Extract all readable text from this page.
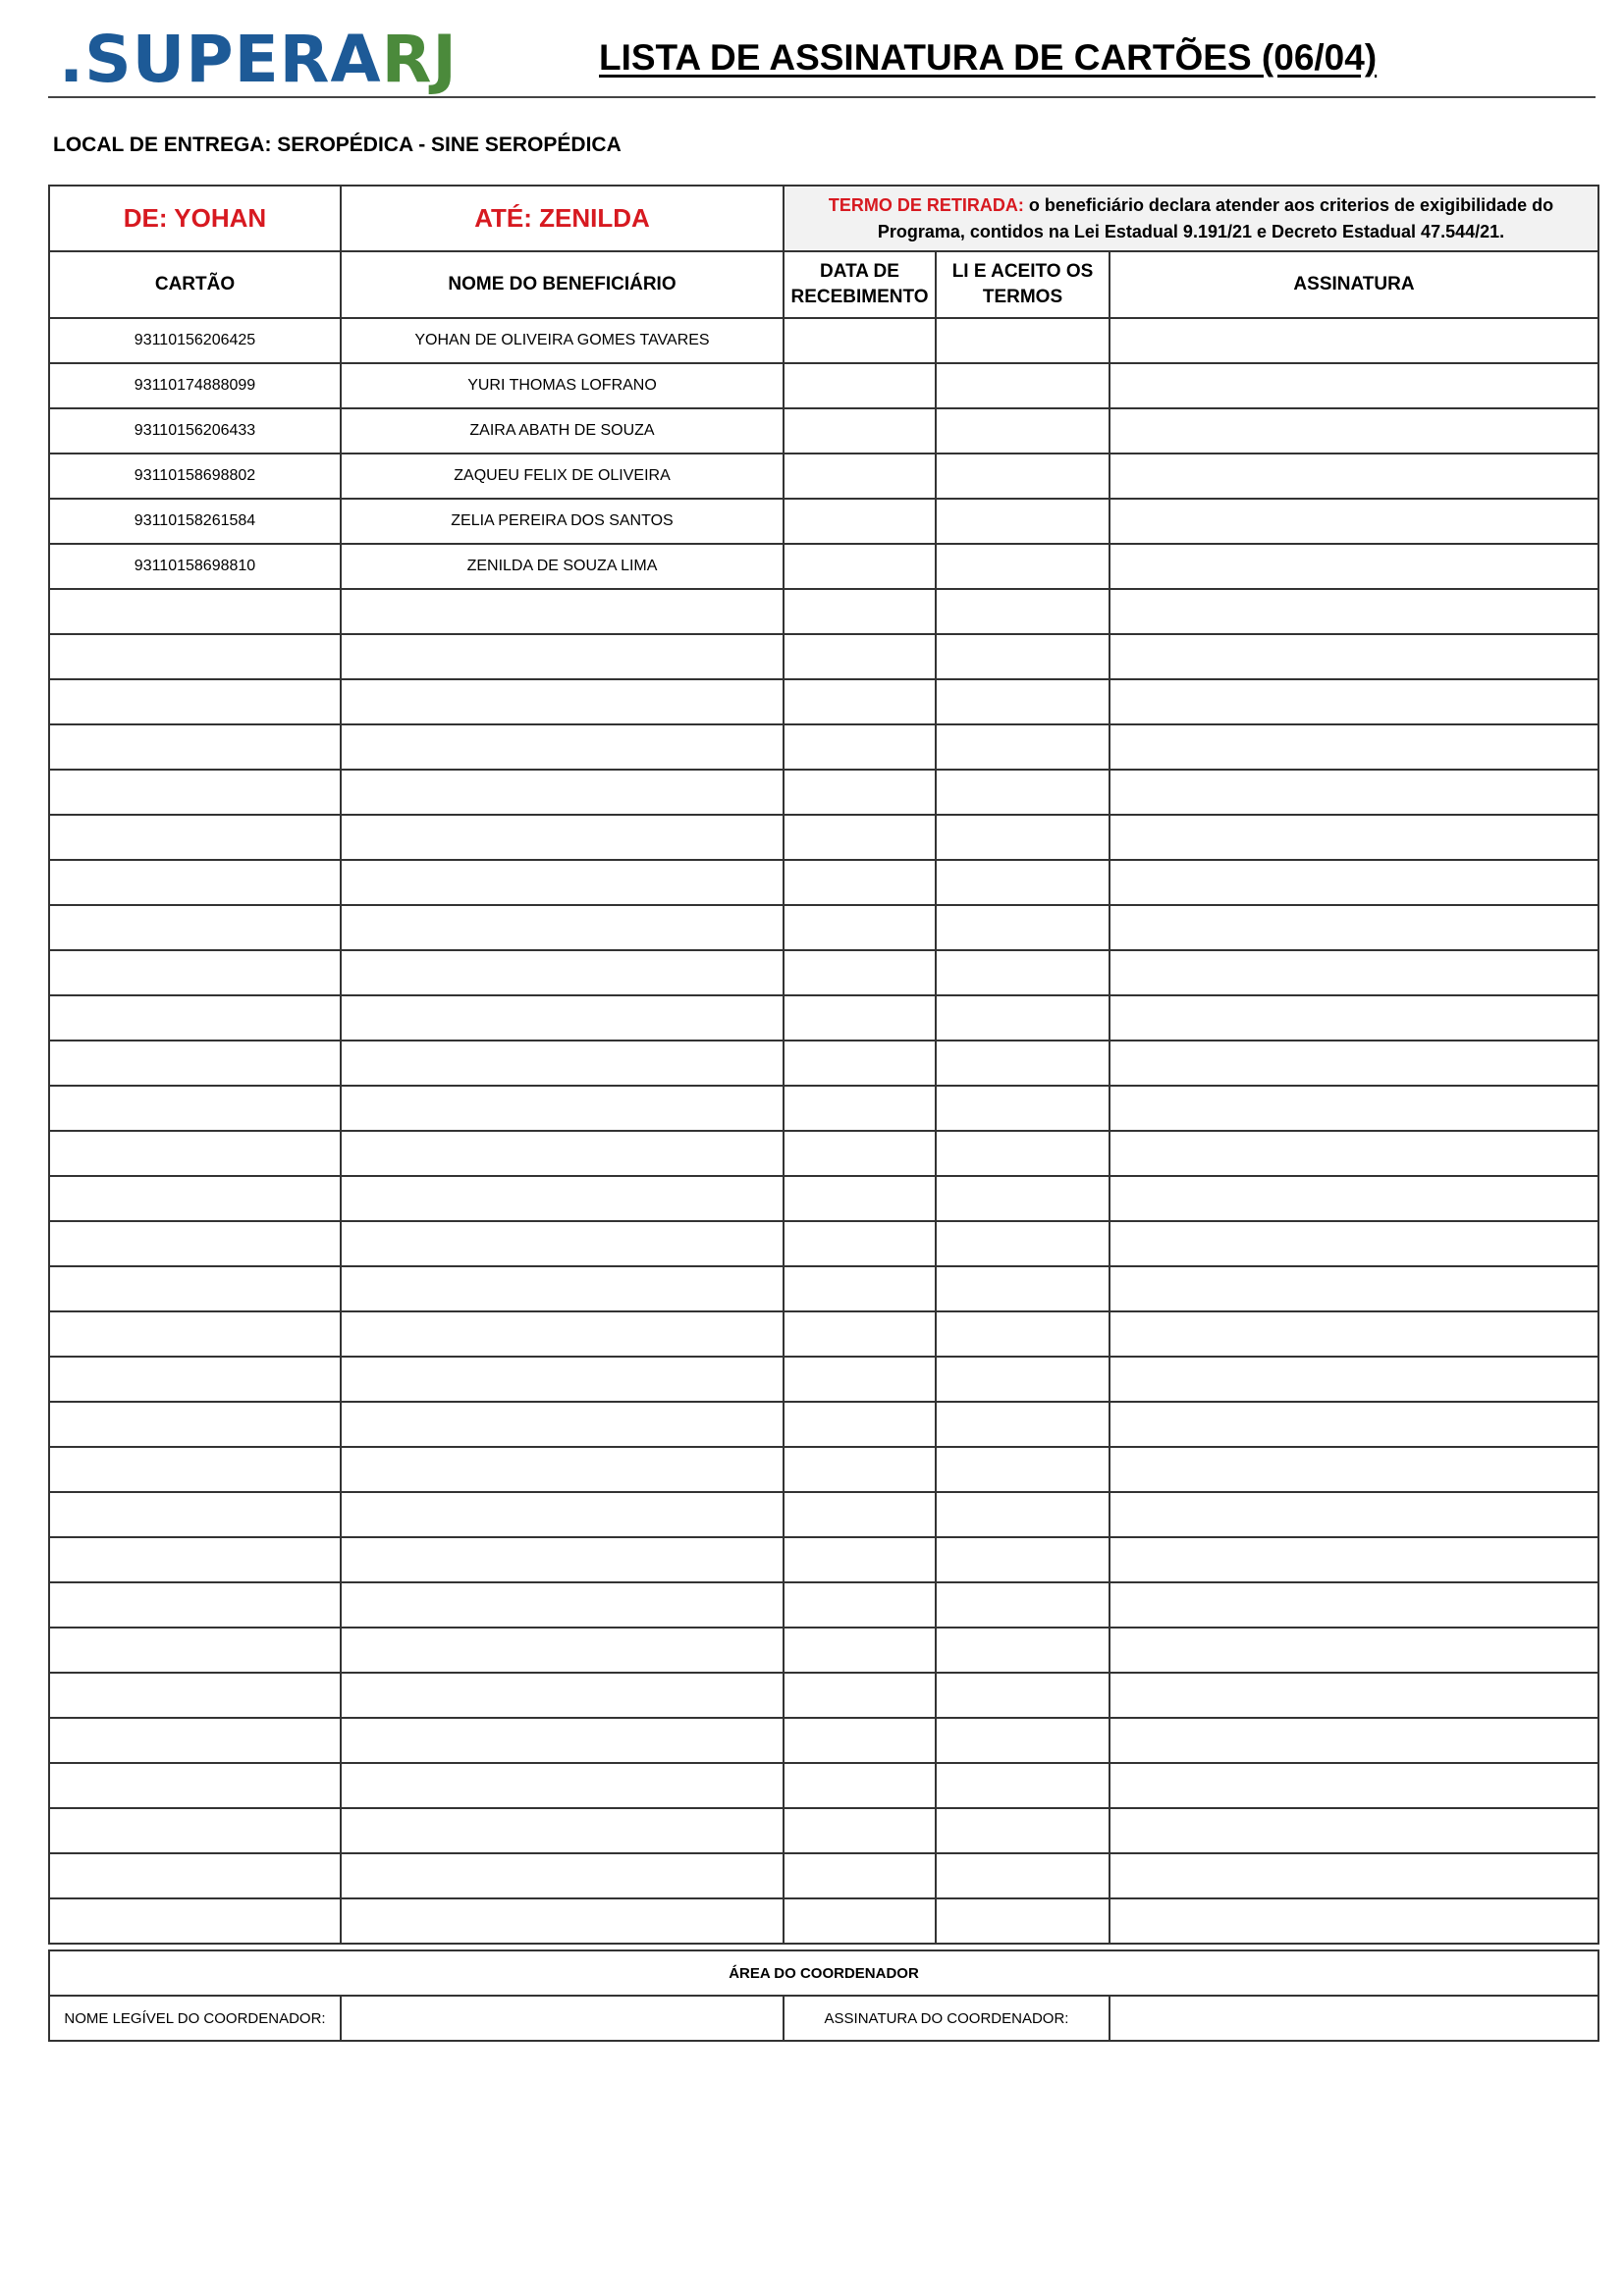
.SUPERARJ	LISTA DE ASSINATURA DE CARTÕES (06/04)
LOCAL DE ENTREGA: SEROPÉDICA - SINE SEROPÉDICA
DE: YOHAN	ATÉ: ZENILDA	TERMO DE RETIRADA: o beneficiário declara atender aos criterios de exigibilidade do Programa, contidos na Lei Estadual 9.191/21 e Decreto Estadual 47.544/21.		
CARTÃO	NOME DO BENEFICIÁRIO	DATA DE RECEBIMENTO	LI E ACEITO OS TERMOS	ASSINATURA
93110156206425	YOHAN DE OLIVEIRA GOMES TAVARES			
93110174888099	YURI THOMAS LOFRANO			
93110156206433	ZAIRA ABATH DE SOUZA			
93110158698802	ZAQUEU FELIX DE OLIVEIRA			
93110158261584	ZELIA PEREIRA DOS SANTOS			
93110158698810	ZENILDA DE SOUZA LIMA			

ÁREA DO COORDENADOR
NOME LEGÍVEL DO COORDENADOR:		ASSINATURA DO COORDENADOR:	
